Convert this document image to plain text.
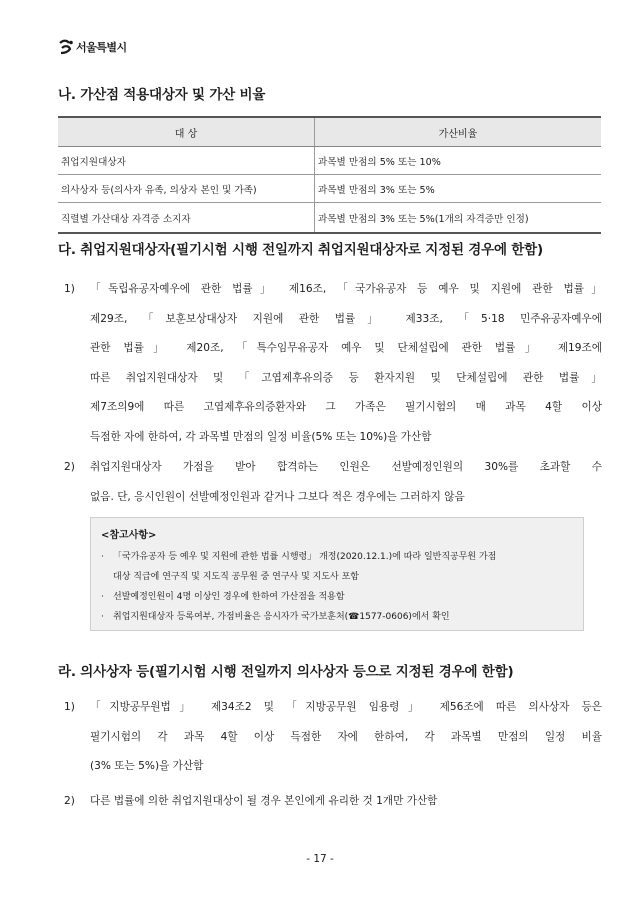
서울특별시
나. 가산점 적용대상자 및 가산 비율
대 상	가산비율
취업지원대상자	과목별 만점의 5% 또는 10%
의사상자 등(의사자 유족, 의상자 본인 및 가족)	과목별 만점의 3% 또는 5%
직렬별 가산대상 자격증 소지자	과목별 만점의 3% 또는 5%(1개의 자격증만 인정)
다. 취업지원대상자(필기시험 시행 전일까지 취업지원대상자로 지정된 경우에 한함)
1) 「독립유공자예우에 관한 법률」 제16조, 「국가유공자 등 예우 및 지원에 관한 법률」
제29조, 「보훈보상대상자 지원에 관한 법률」 제33조, 「5·18 민주유공자예우에
관한 법률」 제20조, 「특수임무유공자 예우 및 단체설립에 관한 법률」 제19조에
따른 취업지원대상자 및 「고엽제후유의증 등 환자지원 및 단체설립에 관한 법률」
제7조의9에 따른 고엽제후유의증환자와 그 가족은 필기시험의 매 과목 4할 이상
득점한 자에 한하여, 각 과목별 만점의 일정 비율(5% 또는 10%)을 가산함
2) 취업지원대상자 가점을 받아 합격하는 인원은 선발예정인원의 30%를 초과할 수
없음. 단, 응시인원이 선발예정인원과 같거나 그보다 적은 경우에는 그러하지 않음
<참고사항>
· 「국가유공자 등 예우 및 지원에 관한 법률 시행령」 개정(2020.12.1.)에 따라 일반직공무원 가점
대상 직급에 연구직 및 지도직 공무원 중 연구사 및 지도사 포함
· 선발예정인원이 4명 이상인 경우에 한하여 가산점을 적용함
· 취업지원대상자 등록여부, 가점비율은 응시자가 국가보훈처(☎1577-0606)에서 확인
라. 의사상자 등(필기시험 시행 전일까지 의사상자 등으로 지정된 경우에 한함)
1) 「지방공무원법」 제34조2 및 「지방공무원 임용령」 제56조에 따른 의사상자 등은
필기시험의 각 과목 4할 이상 득점한 자에 한하여, 각 과목별 만점의 일정 비율
(3% 또는 5%)을 가산함
2) 다른 법률에 의한 취업지원대상이 될 경우 본인에게 유리한 것 1개만 가산함
- 17 -
